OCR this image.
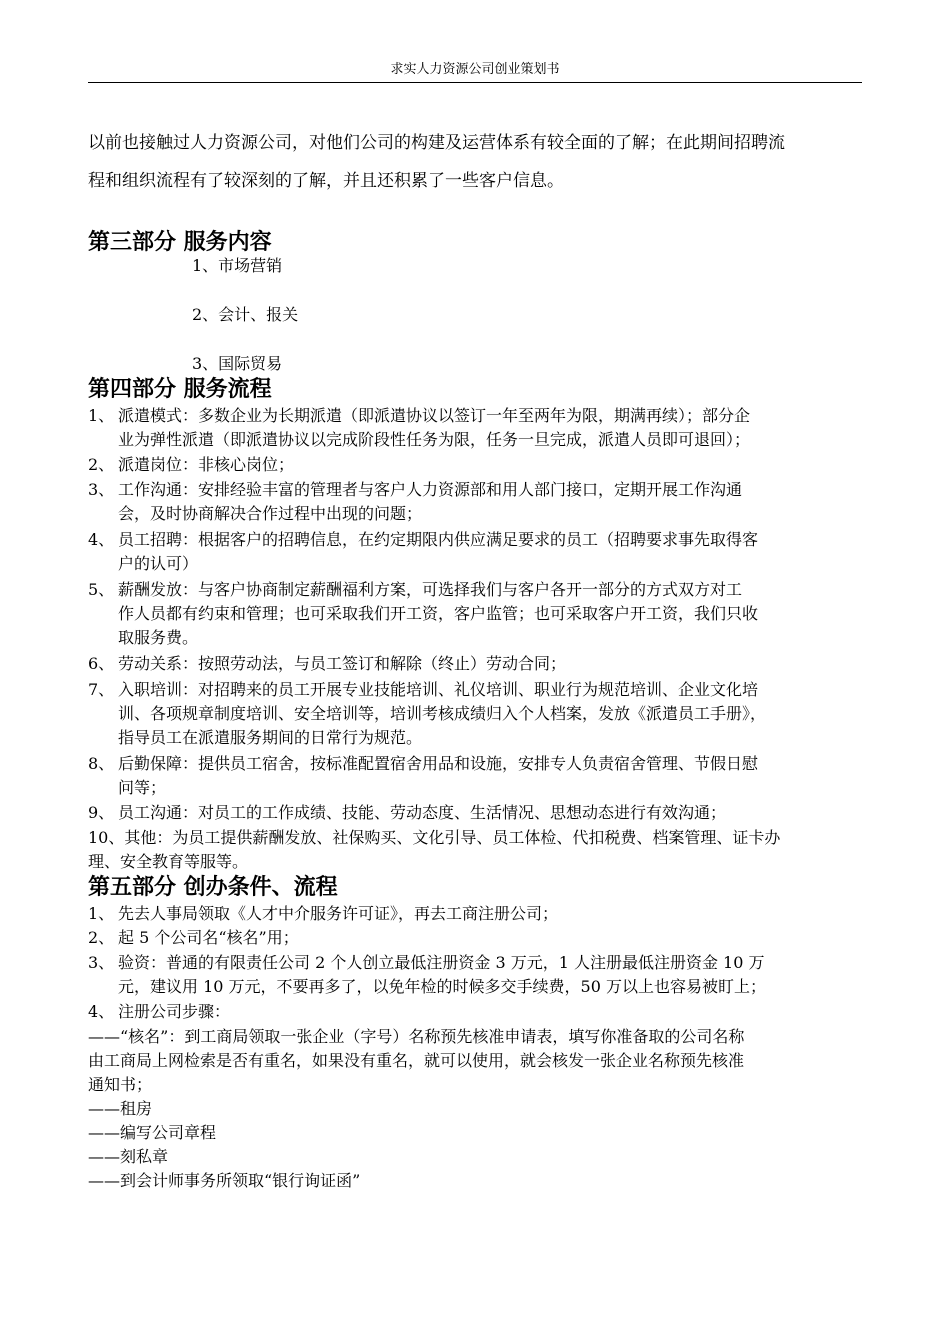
求实人力资源公司创业策划书
以前也接触过人力资源公司，对他们公司的构建及运营体系有较全面的了解；在此期间招聘流
程和组织流程有了较深刻的了解，并且还积累了一些客户信息。
第三部分 服务内容
1、市场营销
2、会计、报关
3、国际贸易
第四部分 服务流程
1、 派遣模式：多数企业为长期派遣（即派遣协议以签订一年至两年为限，期满再续）；部分企
业为弹性派遣（即派遣协议以完成阶段性任务为限，任务一旦完成，派遣人员即可退回）；
2、 派遣岗位：非核心岗位；
3、 工作沟通：安排经验丰富的管理者与客户人力资源部和用人部门接口，定期开展工作沟通
会，及时协商解决合作过程中出现的问题；
4、 员工招聘：根据客户的招聘信息，在约定期限内供应满足要求的员工（招聘要求事先取得客
户的认可）
5、 薪酬发放：与客户协商制定薪酬福利方案，可选择我们与客户各开一部分的方式双方对工
作人员都有约束和管理；也可采取我们开工资，客户监管；也可采取客户开工资，我们只收
取服务费。
6、 劳动关系：按照劳动法，与员工签订和解除（终止）劳动合同；
7、 入职培训：对招聘来的员工开展专业技能培训、礼仪培训、职业行为规范培训、企业文化培
训、各项规章制度培训、安全培训等，培训考核成绩归入个人档案，发放《派遣员工手册》，
指导员工在派遣服务期间的日常行为规范。
8、 后勤保障：提供员工宿舍，按标准配置宿舍用品和设施，安排专人负责宿舍管理、节假日慰
问等；
9、 员工沟通：对员工的工作成绩、技能、劳动态度、生活情况、思想动态进行有效沟通；
10、其他：为员工提供薪酬发放、社保购买、文化引导、员工体检、代扣税费、档案管理、证卡办
理、安全教育等服等。
第五部分 创办条件、流程
1、 先去人事局领取《人才中介服务许可证》，再去工商注册公司；
2、 起 5 个公司名“核名”用；
3、 验资：普通的有限责任公司 2 个人创立最低注册资金 3 万元，1 人注册最低注册资金 10 万
元，建议用 10 万元，不要再多了，以免年检的时候多交手续费，50 万以上也容易被盯上；
4、 注册公司步骤：
——“核名”：到工商局领取一张企业（字号）名称预先核准申请表，填写你准备取的公司名称
由工商局上网检索是否有重名，如果没有重名，就可以使用，就会核发一张企业名称预先核准
通知书；
——租房
——编写公司章程
——刻私章
——到会计师事务所领取“银行询证函”
